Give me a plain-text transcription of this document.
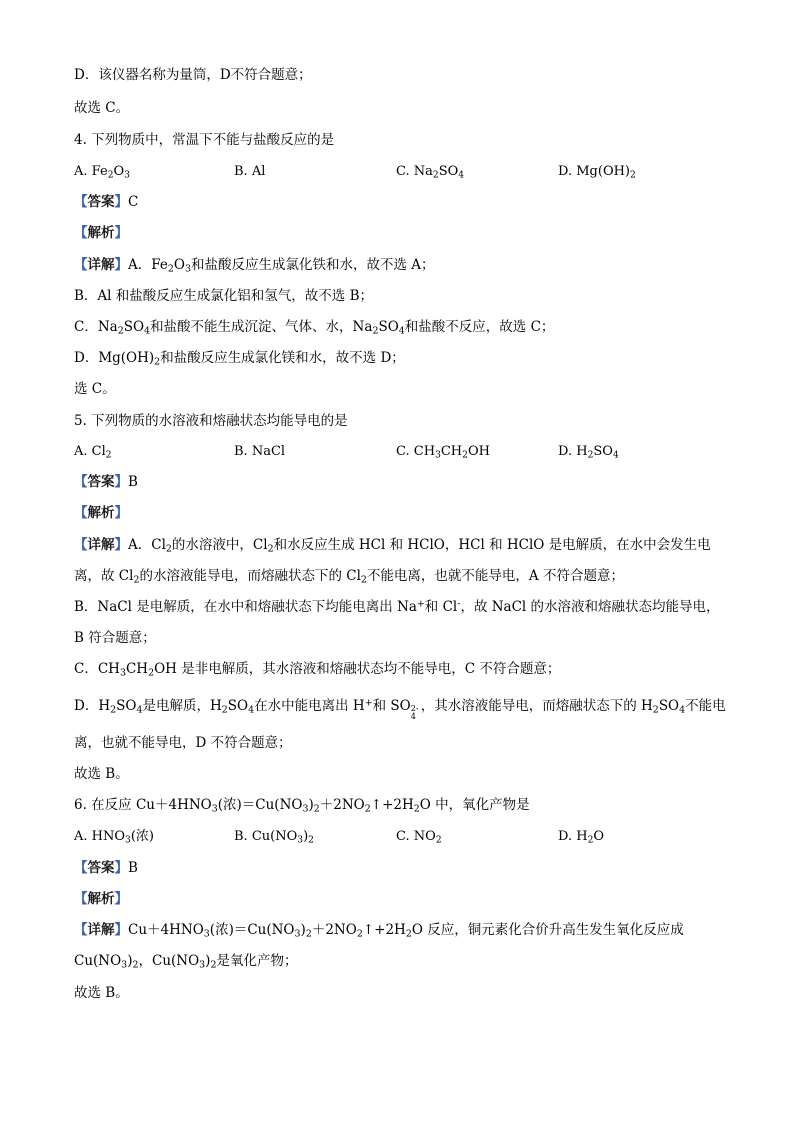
D．该仪器名称为量筒，D不符合题意；
故选 C。
4. 下列物质中，常温下不能与盐酸反应的是
A. $Fe_2O_3$	B. Al	C. $Na_2SO_4$	D. $Mg(OH)_2$
【答案】C
【解析】
【详解】A．$Fe_2O_3$和盐酸反应生成氯化铁和水，故不选 A；
B．Al 和盐酸反应生成氯化铝和氢气，故不选 B；
C．$Na_2SO_4$和盐酸不能生成沉淀、气体、水，$Na_2SO_4$和盐酸不反应，故选 C；
D．$Mg(OH)_2$和盐酸反应生成氯化镁和水，故不选 D；
选 C。
5. 下列物质的水溶液和熔融状态均能导电的是
A. $Cl_2$	B. NaCl	C. $CH_3CH_2OH$	D. $H_2SO_4$
【答案】B
【解析】
【详解】A．$Cl_2$的水溶液中，$Cl_2$和水反应生成 HCl 和 HClO，HCl 和 HClO 是电解质，在水中会发生电
离，故 $Cl_2$的水溶液能导电，而熔融状态下的 $Cl_2$不能电离，也就不能导电，A 不符合题意；
B．NaCl 是电解质，在水中和熔融状态下均能电离出 Na+和 Cl-，故 NaCl 的水溶液和熔融状态均能导电，
B 符合题意；
C．$CH_3CH_2OH$ 是非电解质，其水溶液和熔融状态均不能导电，C 不符合题意；
D．$H_2SO_4$是电解质，$H_2SO_4$在水中能电离出 H+和 SO 2-
4
，其水溶液能导电，而熔融状态下的 $H_2SO_4$不能电
离，也就不能导电，D 不符合题意；
故选 B。
6. 在反应 $Cu+4HNO_3$(浓)$=Cu(NO_3)_2+2NO_2↑+2H_2O$ 中，氧化产物是
A. $HNO_3$(浓)	B. $Cu(NO_3)_2$	C. $NO_2$	D. $H_2O$
【答案】B
【解析】
【详解】$Cu+4HNO_3$(浓)$=Cu(NO_3)_2+2NO_2↑+2H_2O$ 反应，铜元素化合价升高生发生氧化反应成
$Cu(NO_3)_2$，$Cu(NO_3)_2$是氧化产物；
故选 B。
